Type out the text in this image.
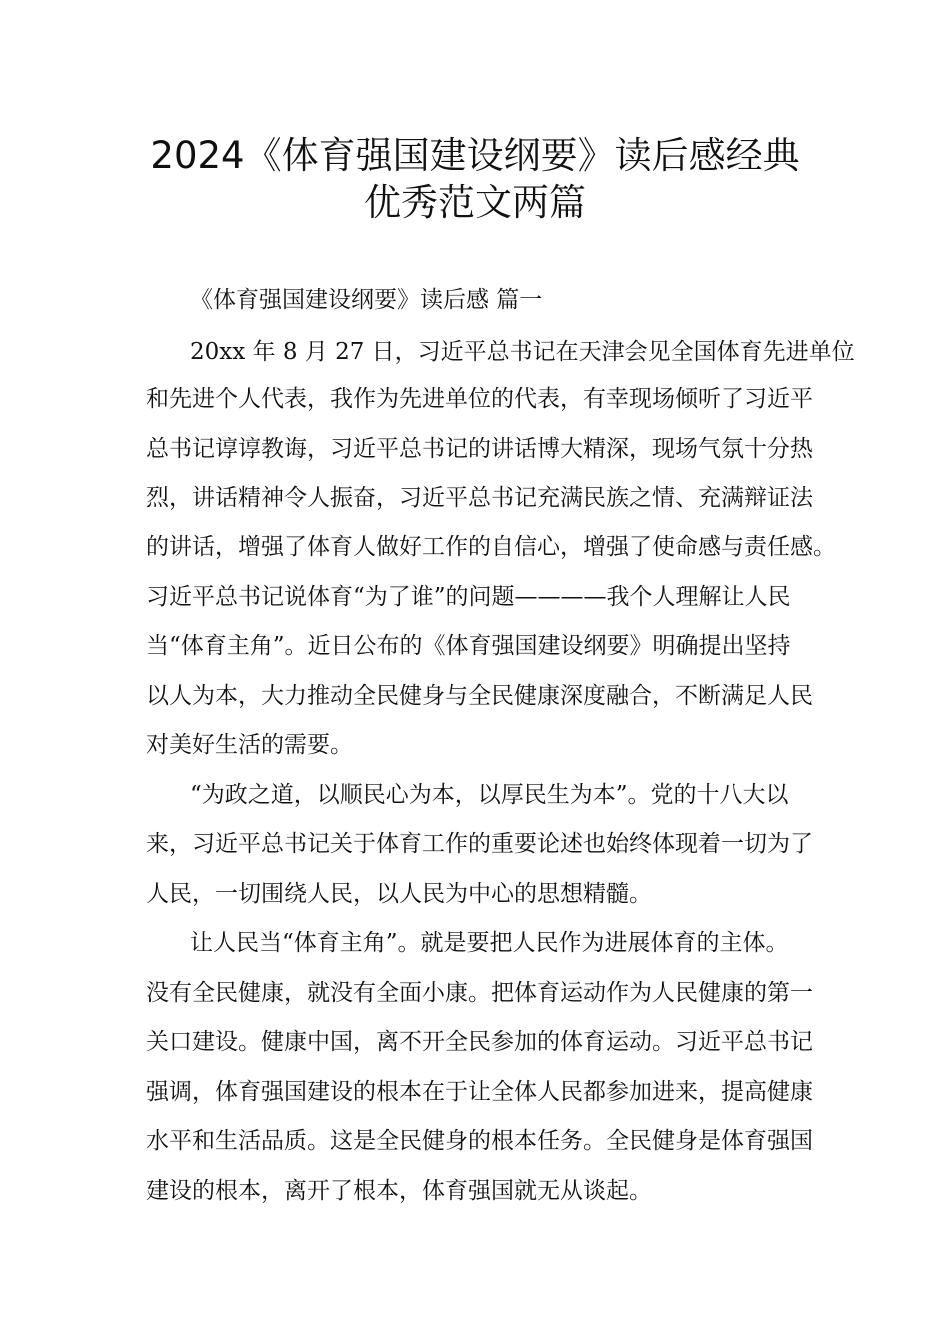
2024《体育强国建设纲要》读后感经典
优秀范文两篇
《体育强国建设纲要》读后感 篇一
20xx 年 8 月 27 日，习近平总书记在天津会见全国体育先进单位
和先进个人代表，我作为先进单位的代表，有幸现场倾听了习近平
总书记谆谆教诲，习近平总书记的讲话博大精深，现场气氛十分热
烈，讲话精神令人振奋，习近平总书记充满民族之情、充满辩证法
的讲话，增强了体育人做好工作的自信心，增强了使命感与责任感。
习近平总书记说体育“为了谁”的问题————我个人理解让人民
当“体育主角”。近日公布的《体育强国建设纲要》明确提出坚持
以人为本，大力推动全民健身与全民健康深度融合，不断满足人民
对美好生活的需要。
“为政之道，以顺民心为本，以厚民生为本”。党的十八大以
来，习近平总书记关于体育工作的重要论述也始终体现着一切为了
人民，一切围绕人民，以人民为中心的思想精髓。
让人民当“体育主角”。就是要把人民作为进展体育的主体。
没有全民健康，就没有全面小康。把体育运动作为人民健康的第一
关口建设。健康中国，离不开全民参加的体育运动。习近平总书记
强调，体育强国建设的根本在于让全体人民都参加进来，提高健康
水平和生活品质。这是全民健身的根本任务。全民健身是体育强国
建设的根本，离开了根本，体育强国就无从谈起。
